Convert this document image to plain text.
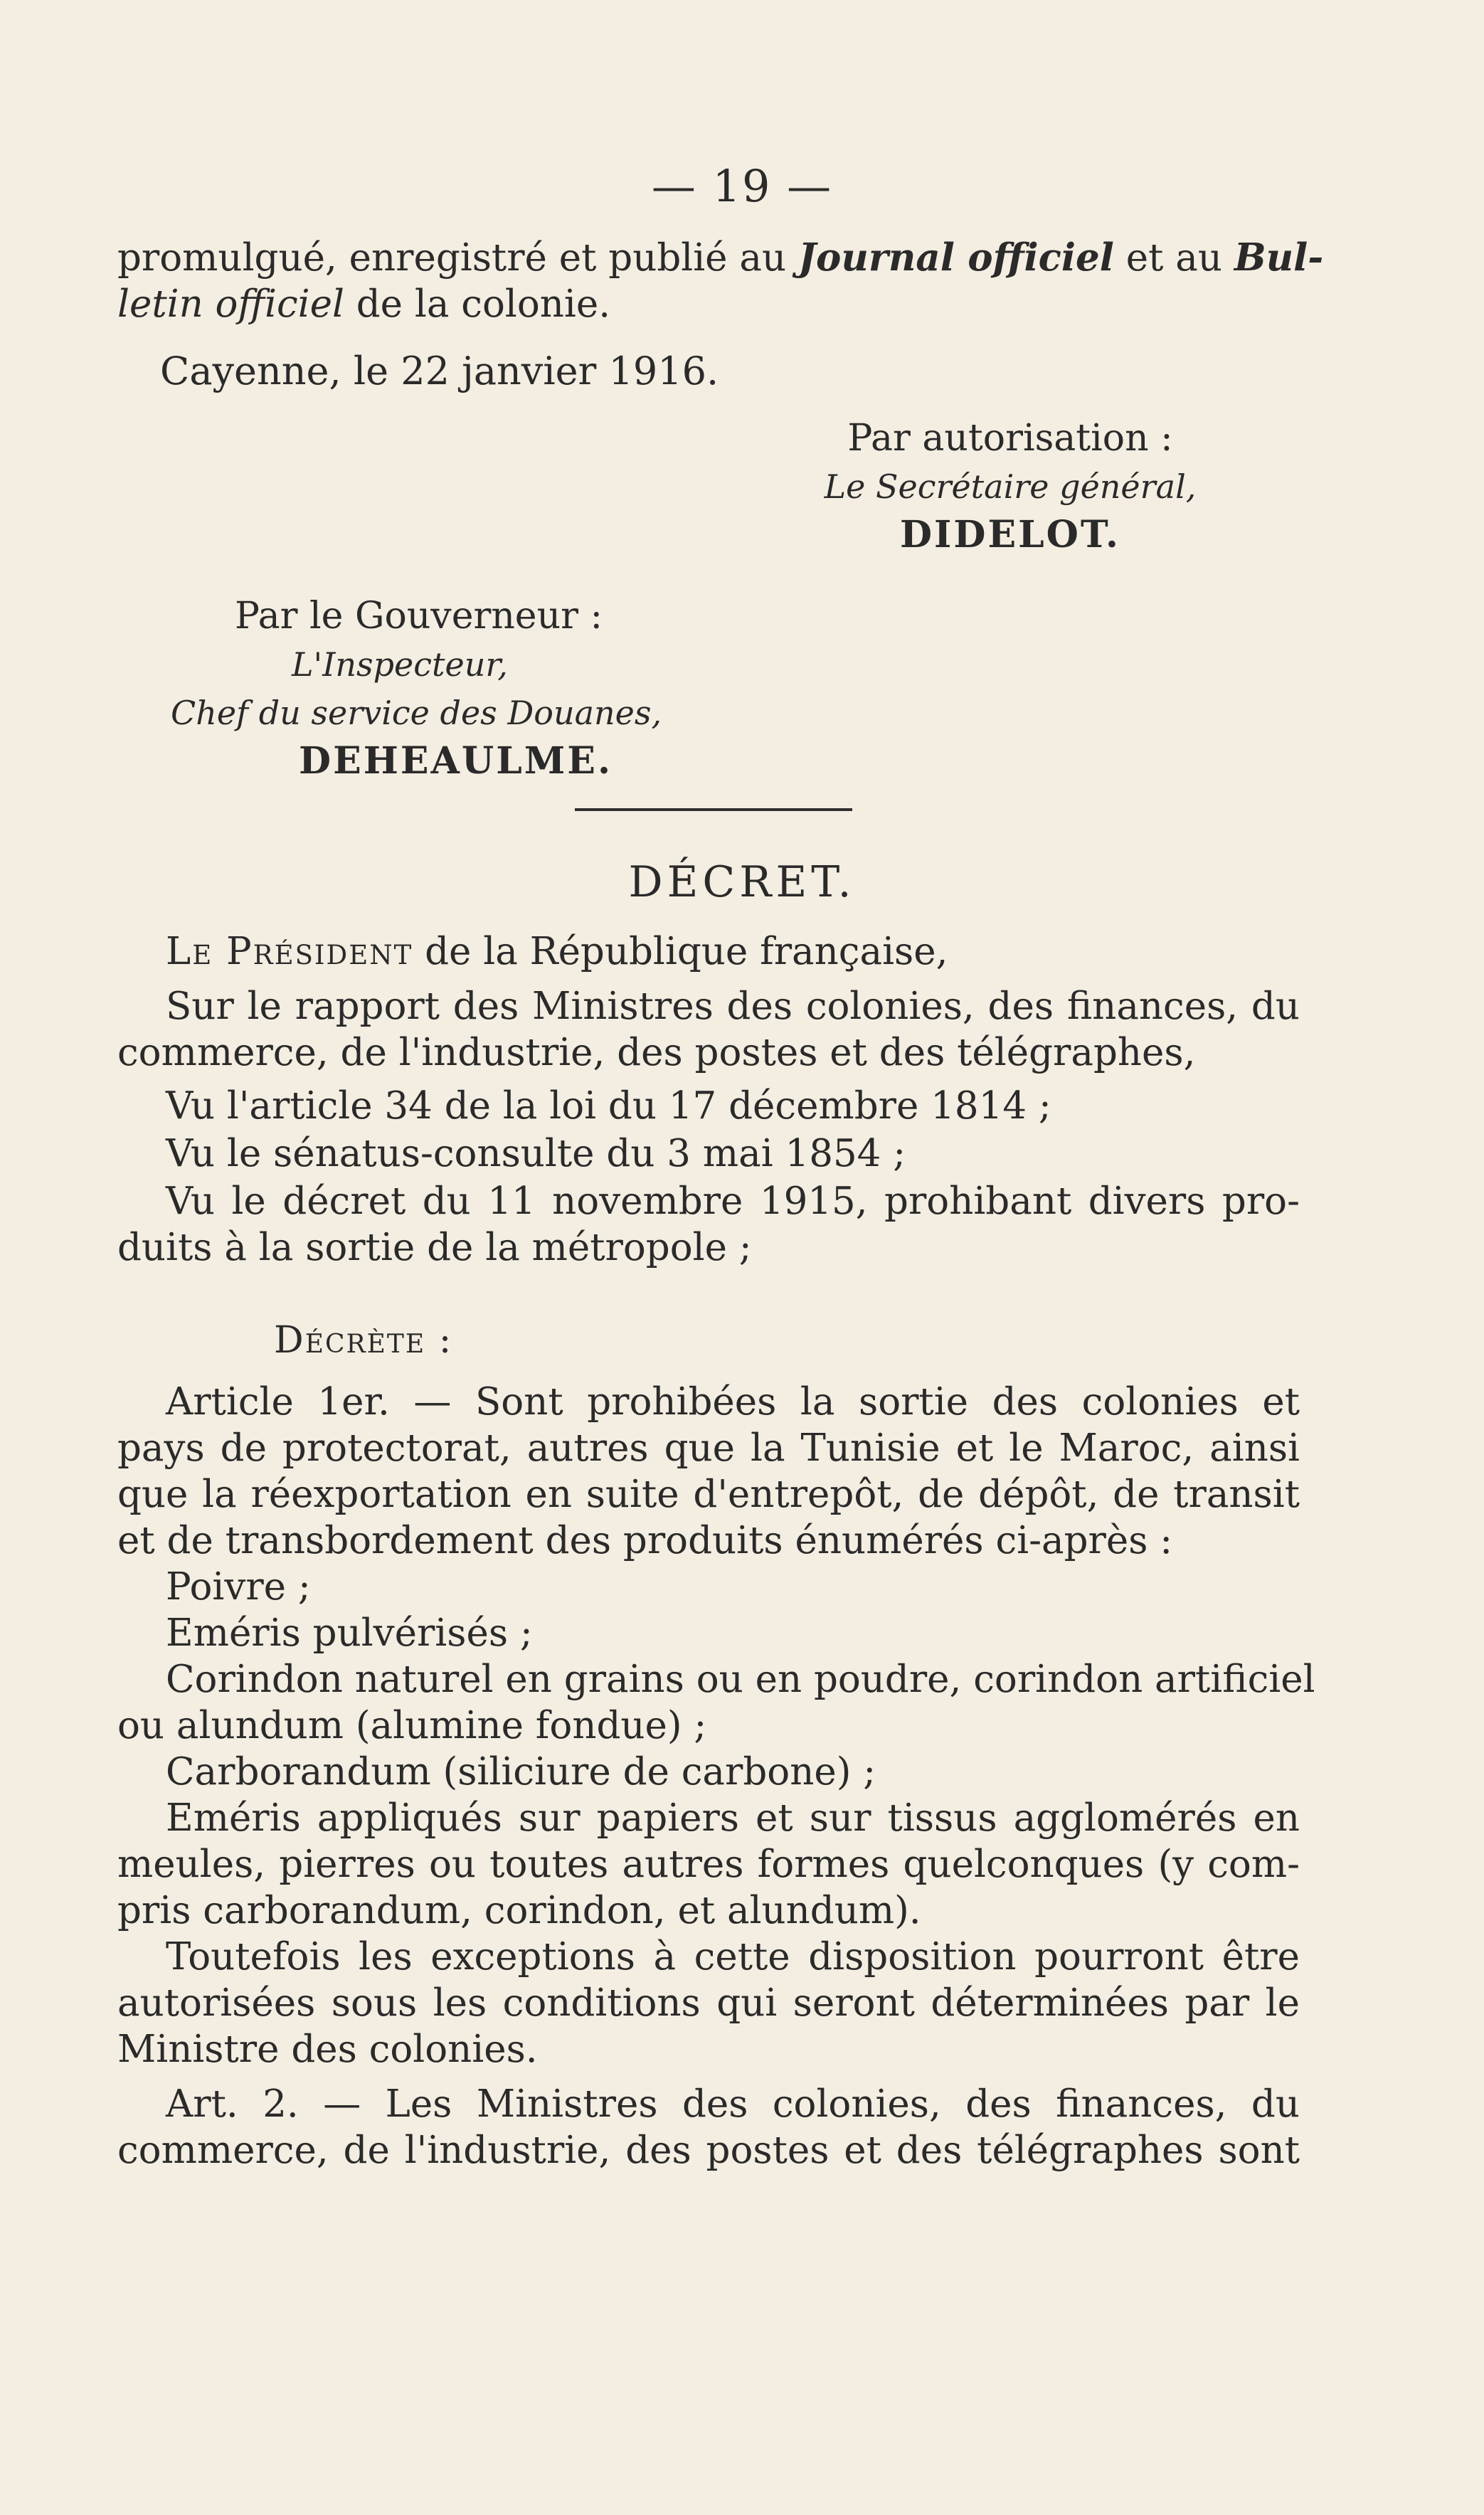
— 19 —
promulgué, enregistré et publié au Journal officiel et au Bul-
letin officiel de la colonie.
Cayenne, le 22 janvier 1916.
Par autorisation :
Le Secrétaire général,
DIDELOT.
Par le Gouverneur :
L'Inspecteur,
Chef du service des Douanes,
DEHEAULME.
DÉCRET.
Le Président de la République française,
Sur le rapport des Ministres des colonies, des finances, du
commerce, de l'industrie, des postes et des télégraphes,
Vu l'article 34 de la loi du 17 décembre 1814 ;
Vu le sénatus-consulte du 3 mai 1854 ;
Vu le décret du 11 novembre 1915, prohibant divers pro-
duits à la sortie de la métropole ;
Décrète :
Article 1er. — Sont prohibées la sortie des colonies et
pays de protectorat, autres que la Tunisie et le Maroc, ainsi
que la réexportation en suite d'entrepôt, de dépôt, de transit
et de transbordement des produits énumérés ci-après :
Poivre ;
Eméris pulvérisés ;
Corindon naturel en grains ou en poudre, corindon artificiel
ou alundum (alumine fondue) ;
Carborandum (siliciure de carbone) ;
Eméris appliqués sur papiers et sur tissus agglomérés en
meules, pierres ou toutes autres formes quelconques (y com-
pris carborandum, corindon, et alundum).
Toutefois les exceptions à cette disposition pourront être
autorisées sous les conditions qui seront déterminées par le
Ministre des colonies.
Art. 2. — Les Ministres des colonies, des finances, du
commerce, de l'industrie, des postes et des télégraphes sont
